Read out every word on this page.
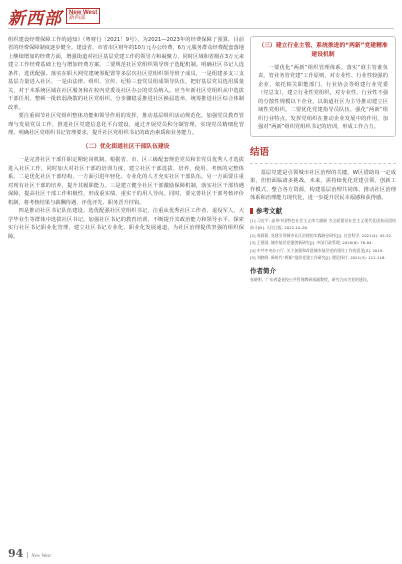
新西部 New West
新西部

组织建设经费保障工作的通知》（粤财行〔2021〕9号），为2021—2023年的经费保障了预算，目前省的经费保障制度逐步健全。建设省、市省市区财年的10万元办公经费，6万元服务群众经费配套落地上继续增加的经费方面，增强街道对社区基层党建工作的领导力和凝聚力，同时区域和省级在3万元来建立工作经费基础上也与增加经费方案。二要规范社区党组织领导班子选配机制。明确社区书记人选条件，选优配强。落实在职大网党建统筹配置等多层次社区党组织领导班子成员，一是组建多支三支基层力量进入社区、一是由法律、组织、宣传、纪检三套党员组成领导队伍，把好基层党员选用质量关，对于本系统区域在社区服务和在校内党委及社区办公的党员纳入。应当年新社区党组织从中选拔干部任用。整顿一批软弱涣散的社区党组织。分步骤稳妥推进社区换届选举，统筹推进社区综合体制改革。

要注重调节社区党组织整体功能和领导作用的发挥，推动基层组织活动规范化，加强党员教育管理与发展党员工作，推进社区党建信息化平台建设，通过开展党员积分制管理，实现党员精细化管理。明确社区党组织书记管理要求，提升社区党组织书记的政治素质和业务能力。

（二）优化街道社区干部队伍建设

一是完善社区干部任职定期轮岗机制。根据省、市、区三级配套规范党员和非党员优秀人才选拔进入社区工作，同时加大对社区干部的培训力度，建立社区干部选拔、培养、使用、考核的完整体系。二是优化社区干部结构，一方面引进年轻化、专业化的人才充实社区干部队伍，另一方面要注重对现有社区干部的培养，提升其履职能力。三是建立健全社区干部激励保障机制，落实社区干部待遇保障，提高社区干部工作积极性，形成重实绩、重实干的用人导向。同时，要完善社区干部考核评价机制，将考核结果与薪酬待遇、评优评先、职务晋升挂钩。

四是推动社区书记队伍建设。选优配强社区党组织书记，注重从优秀社区工作者、退役军人、大学毕业生等群体中选拔社区书记。加强社区书记的教育培训，不断提升其政治能力和领导水平。探索实行社区书记职业化管理，建立社区书记专业化、职业化发展通道，为社区治理提供坚强的组织保障。

（三）建立行业主管、系统推进的“两新”党建精准建设机制

一要优化“两新”组织管理体系。落实“谁主管谁负责，管业务管党建”工作原则，对专业性、行业性较强的企业，依托相关职能部门、行业协会等组建行业党委（党总支），建立行业性党组织，对专业性、行业性不强的分散性规模以下企业，以街道社区为主导推动建立区域性党组织。二要优化党建指导员队伍，强化“两新”组织行业特点，发挥党组织在推动企业发展中的作用，加强对“两新”组织党组织书记的培训，形成工作合力。

结语

基层党建是引领城市社区治理的关键。W区借助每一定成果，但仍面临诸多挑战。未来，需持续优化党建引领、创新工作模式、整合各方资源，构建基层治理共同体，推动社区治理体系和治理能力现代化，进一步提升居民幸福感和获得感。

参考文献
[1] 习近平. 高举中国特色社会主义伟大旗帜 为全面建设社会主义现代化国家而团结奋斗[N]. 人民日报, 2022-10-26.
[2] 周莉莉. 党建引领城市社区治理的实践路径研究[J]. 社会科学, 2021(4): 45-52.
[3] 王建国. 城市基层党建创新研究[J]. 中国行政管理, 2020(6): 78-84.
[4] 中共中央办公厅. 关于加强和改进城市基层党的建设工作的意见[Z]. 2019.
[5] 刘晓明. 新时代“两新”组织党建工作研究[J]. 理论探讨, 2021(3): 112-118.
作者简介
张晓明，广东省委党校公共管理教研部副教授，研究方向为党的建设。
94 | New West
